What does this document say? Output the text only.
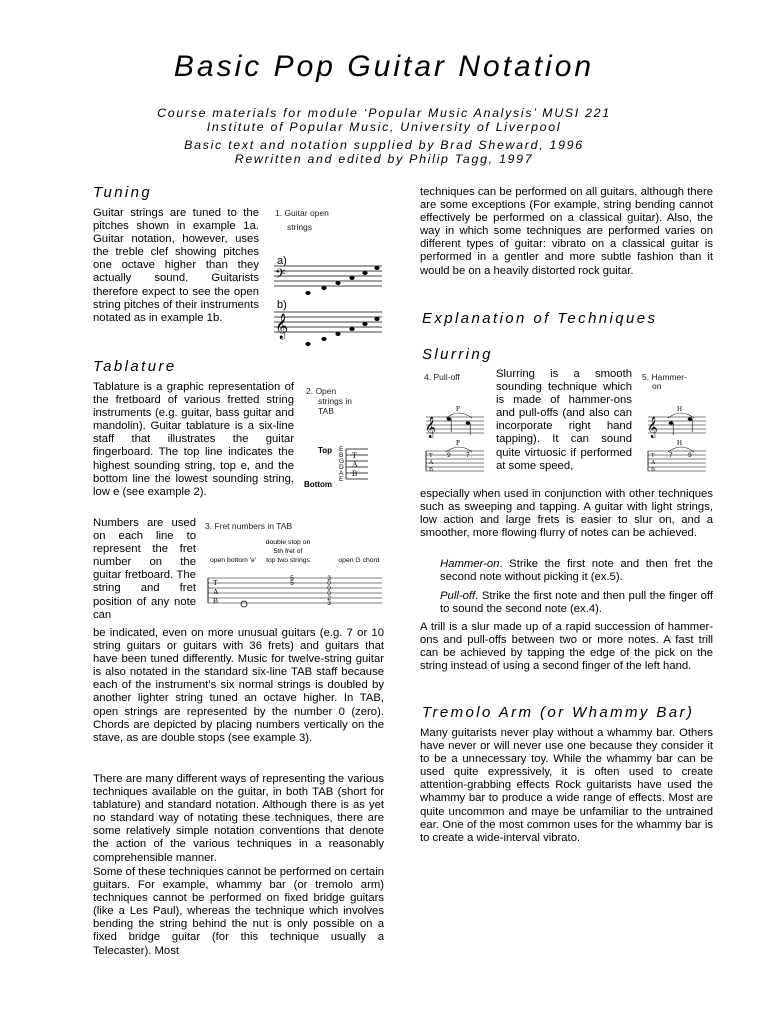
Basic Pop Guitar Notation
Course materials for module ‘Popular Music Analysis’ MUSI 221
Institute of Popular Music, University of Liverpool
Basic text and notation supplied by Brad Sheward, 1996
Rewritten and edited by Philip Tagg, 1997
Tuning
Guitar strings are tuned to the pitches shown in example 1a. Guitar notation, however, uses the treble clef showing pitches one octave higher than they actually sound. Guitarists therefore expect to see the open string pitches of their instruments notated as in example 1b.
1. Guitar open
strings
a)
𝄢
b)
𝄞
Tablature
Tablature is a graphic representation of the fretboard of various fretted string instruments (e.g. guitar, bass guitar and mandolin). Guitar tablature is a six-line staff that illustrates the guitar fingerboard. The top line indicates the highest sounding string, top e, and the bottom line the lowest sounding string, low e (see example 2).
2. Open
strings in
TAB
Top
Bottom
E B G D A E
T
A
B
Numbers are used on each line to represent the fret number on the guitar fretboard. The string and fret position of any note can
3. Fret numbers in TAB
double stop on
5th fret of
top two strings
open bottom 'e'	open G chord
T
A
B
5
5
3
0
0
0
2
3
be indicated, even on more unusual guitars (e.g. 7 or 10 string guitars or guitars with 36 frets) and guitars that have been tuned differently. Music for twelve-string guitar is also notated in the standard six-line TAB staff because each of the instrument’s six normal strings is doubled by another lighter string tuned an octave higher. In TAB, open strings are represented by the number 0 (zero). Chords are depicted by placing numbers vertically on the stave, as are double stops (see example 3).
There are many different ways of representing the various techniques available on the guitar, in both TAB (short for tablature) and standard notation. Although there is as yet no standard way of notating these techniques, there are some relatively simple notation conventions that denote the action of the various techniques in a reasonably comprehensible manner.
Some of these techniques cannot be performed on certain guitars. For example, whammy bar (or tremolo arm) techniques cannot be performed on fixed bridge guitars (like a Les Paul), whereas the technique which involves bending the string behind the nut is only possible on a fixed bridge guitar (for this technique usually a Telecaster). Most
techniques can be performed on all guitars, although there are some exceptions (For example, string bending cannot effectively be performed on a classical guitar). Also, the way in which some techniques are performed varies on different types of guitar: vibrato on a classical guitar is performed in a gentler and more subtle fashion than it would be on a heavily distorted rock guitar.
Explanation of Techniques
Slurring
4. Pull-off
P
𝄞
P
T
A
B
9 7
Slurring is a smooth sounding technique which is made of hammer-ons and pull-offs (and also can incorporate right hand tapping). It can sound quite virtuosic if performed at some speed,
5. Hammer-
on
H
𝄞
H
T
A
B
7 9
especially when used in conjunction with other techniques such as sweeping and tapping. A guitar with light strings, low action and large frets is easier to slur on, and a smoother, more flowing flurry of notes can be achieved.

Hammer-on. Strike the first note and then fret the second note without picking it (ex.5).

Pull-off. Strike the first note and then pull the finger off to sound the second note (ex.4).

A trill is a slur made up of a rapid succession of hammer-ons and pull-offs between two or more notes. A fast trill can be achieved by tapping the edge of the pick on the string instead of using a second finger of the left hand.
Tremolo Arm (or Whammy Bar)
Many guitarists never play without a whammy bar. Others have never or will never use one because they consider it to be a unnecessary toy. While the whammy bar can be used quite expressively, it is often used to create attention-grabbing effects Rock guitarists have used the whammy bar to produce a wide range of effects. Most are quite uncommon and maye be unfamiliar to the untrained ear. One of the most common uses for the whammy bar is to create a wide-interval vibrato.
